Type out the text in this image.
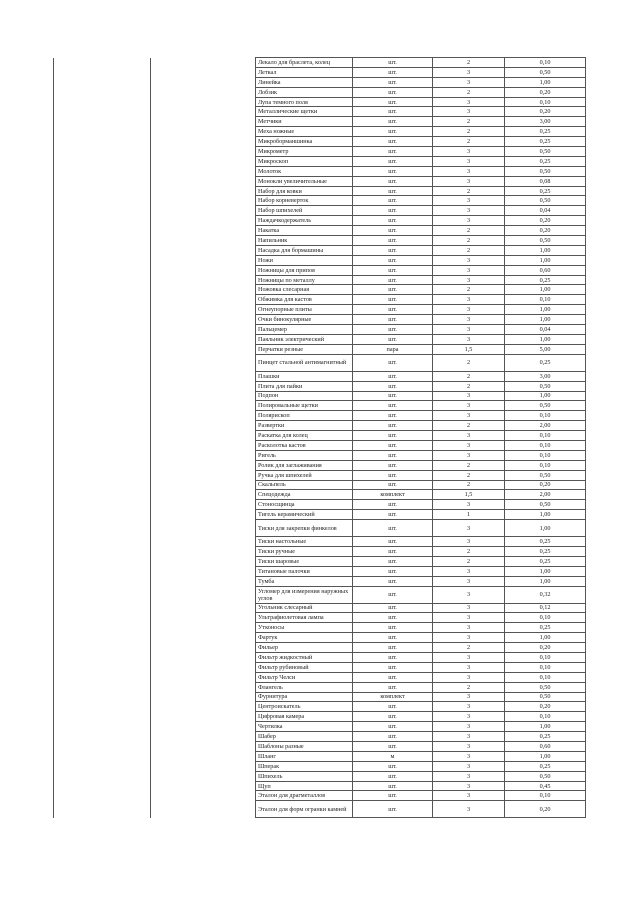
		Лекало для браслета, колец	шт.	2	0,10
		Леткал	шт.	3	0,50
		Линейка	шт.	3	1,00
		Лобзик	шт.	2	0,20
		Лупа темного поля	шт.	3	0,10
		Металлические щетки	шт.	3	0,20
		Метчики	шт.	2	3,00
		Меха ножные	шт.	2	0,25
		Микроборманшинка	шт.	2	0,25
		Микрометр	шт.	3	0,50
		Микроскоп	шт.	3	0,25
		Молоток	шт.	3	0,50
		Монокли увеличительные	шт.	3	0,08
		Набор для ковки	шт.	2	0,25
		Набор корневерток	шт.	3	0,50
		Набор шпихелей	шт.	3	0,04
		Наждачкодержатель	шт.	3	0,20
		Накатка	шт.	2	0,20
		Напильник	шт.	2	0,50
		Насадка для бормашины	шт.	2	1,00
		Ножи	шт.	3	1,00
		Ножницы для припоя	шт.	3	0,60
		Ножницы по металлу	шт.	3	0,25
		Ножовка слесарная	шт.	2	1,00
		Обжимка для кастов	шт.	3	0,10
		Огнеупорные плиты	шт.	3	1,00
		Очки бинокулярные	шт.	3	1,00
		Пальцемер	шт.	3	0,04
		Паяльник электрический	шт.	3	1,00
		Перчатки резные	пара	1,5	5,00
		Пинцет стальной антимагнитный	шт.	2	0,25
		Плашки	шт.	2	3,00
		Плита для пайки	шт.	2	0,50
		Подпон	шт.	3	1,00
		Полировальные щетки	шт.	3	0,50
		Полярископ	шт.	3	0,10
		Развертки	шт.	2	2,00
		Раскатка для колец	шт.	3	0,10
		Расколотка кастов	шт.	3	0,10
		Ригель	шт.	3	0,10
		Ролик для заглаживания	шт.	2	0,10
		Ручка для шпихелей	шт.	2	0,50
		Скальпель	шт.	2	0,20
		Спецодежда	комплект	1,5	2,00
		Стоносщинца	шт.	3	0,50
		Тигель керамический	шт.	1	1,00
		Тиски для закрепки финкелов	шт.	3	1,00
		Тиски настольные	шт.	3	0,25
		Тиски ручные	шт.	2	0,25
		Тиски шаровые	шт.	2	0,25
		Титановые палочки	шт.	3	1,00
		Тумба	шт.	3	1,00
		Угломер для измерения наружных углов	шт.	3	0,32
		Угольник слесарный	шт.	3	0,12
		Ультрафиолетовая лампа	шт.	3	0,10
		Утконосы	шт.	3	0,25
		Фартук	шт.	3	1,00
		Фильер	шт.	2	0,20
		Фильтр жидкостный	шт.	3	0,10
		Фильтр рубиновый	шт.	3	0,10
		Фильтр Челси	шт.	3	0,10
		Флангель	шт.	2	0,50
		Фурнитура	комплект	3	0,50
		Центроискатель	шт.	3	0,20
		Цифровая камера	шт.	3	0,10
		Чертилка	шт.	3	1,00
		Шабер	шт.	3	0,25
		Шаблоны разные	шт.	3	0,60
		Шланг	м	3	1,00
		Шперак	шт.	3	0,25
		Шпихель	шт.	3	0,50
		Щуп	шт.	3	0,45
		Эталон для драгметаллов	шт.	3	0,10
		Эталон для форм огранки камней	шт.	3	0,20
